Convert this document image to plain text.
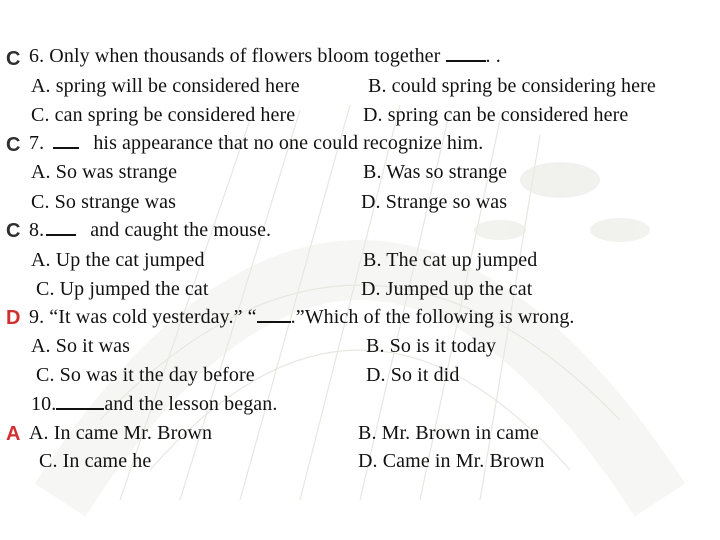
C 6. Only when thousands of flowers bloom together . .
A. spring will be considered here	B. could spring be considering here
C. can spring be considered here	D. spring can be considered here
C 7. his appearance that no one could recognize him.
A. So was strange	B. Was so strange
C. So strange was	D. Strange so was
C 8. and caught the mouse.
A. Up the cat jumped	B. The cat up jumped
C. Up jumped the cat	D. Jumped up the cat
D 9. “It was cold yesterday.” “ .”Which of the following is wrong.
A. So it was	B. So is it today
C. So was it the day before	D. So it did
10. and the lesson began.
A A. In came Mr. Brown	B. Mr. Brown in came
C. In came he	D. Came in Mr. Brown
